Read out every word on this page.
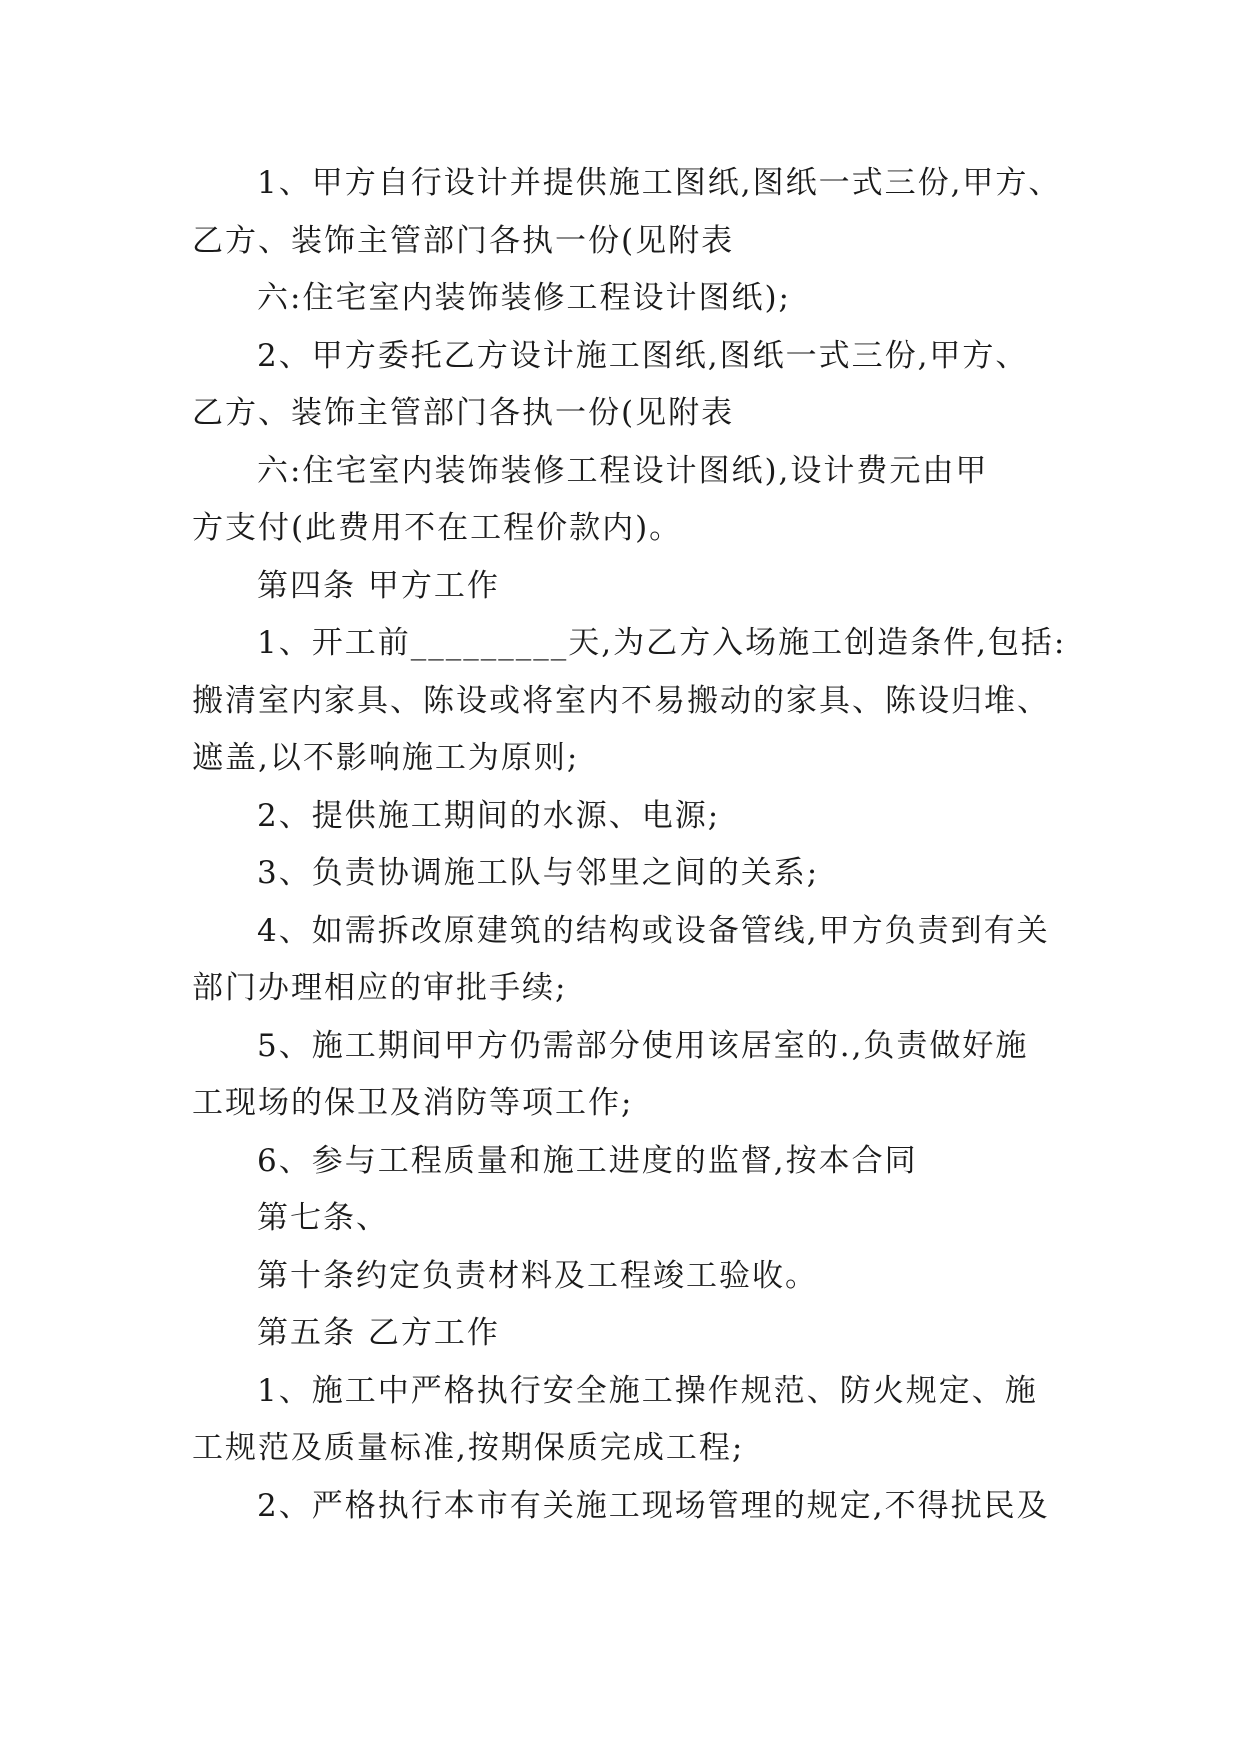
1、甲方自行设计并提供施工图纸,图纸一式三份,甲方、
乙方、装饰主管部门各执一份(见附表
六:住宅室内装饰装修工程设计图纸);
2、甲方委托乙方设计施工图纸,图纸一式三份,甲方、
乙方、装饰主管部门各执一份(见附表
六:住宅室内装饰装修工程设计图纸),设计费元由甲
方支付(此费用不在工程价款内)。
第四条 甲方工作
1、开工前_________天,为乙方入场施工创造条件,包括:
搬清室内家具、陈设或将室内不易搬动的家具、陈设归堆、
遮盖,以不影响施工为原则;
2、提供施工期间的水源、电源;
3、负责协调施工队与邻里之间的关系;
4、如需拆改原建筑的结构或设备管线,甲方负责到有关
部门办理相应的审批手续;
5、施工期间甲方仍需部分使用该居室的.,负责做好施
工现场的保卫及消防等项工作;
6、参与工程质量和施工进度的监督,按本合同
第七条、
第十条约定负责材料及工程竣工验收。
第五条 乙方工作
1、施工中严格执行安全施工操作规范、防火规定、施
工规范及质量标准,按期保质完成工程;
2、严格执行本市有关施工现场管理的规定,不得扰民及
